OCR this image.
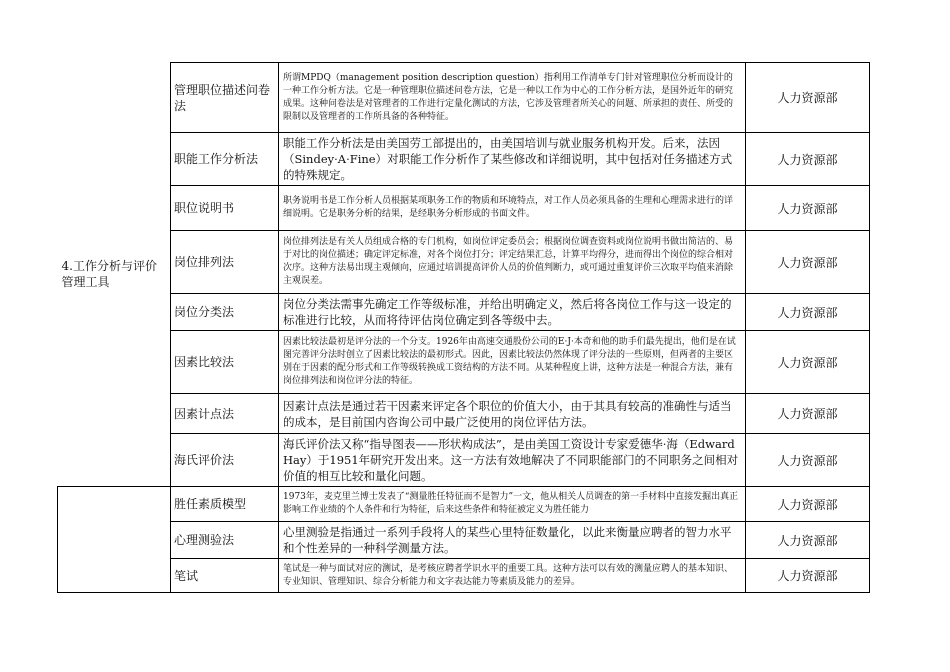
4.工作分析与评价管理工具	管理职位描述问卷法	所谓MPDQ（management position description question）指利用工作清单专门针对管理职位分析而设计的一种工作分析方法。它是一种管理职位描述问卷方法，它是一种以工作为中心的工作分析方法，是国外近年的研究成果。这种问卷法是对管理者的工作进行定量化测试的方法，它涉及管理者所关心的问题、所承担的责任、所受的限制以及管理者的工作所具备的各种特征。	人力资源部
	职能工作分析法	职能工作分析法是由美国劳工部提出的，由美国培训与就业服务机构开发。后来，法因（Sindey·A·Fine）对职能工作分析作了某些修改和详细说明，其中包括对任务描述方式的特殊规定。	人力资源部
	职位说明书	职务说明书是工作分析人员根据某项职务工作的物质和环境特点，对工作人员必须具备的生理和心理需求进行的详细说明。它是职务分析的结果，是经职务分析形成的书面文件。	人力资源部
	岗位排列法	岗位排列法是有关人员组成合格的专门机构，如岗位评定委员会；根据岗位调查资料或岗位说明书做出简洁的、易于对比的岗位描述；确定评定标准，对各个岗位打分；评定结果汇总，计算平均得分，进而得出个岗位的综合相对次序。这种方法易出现主观倾向，应通过培训提高评价人员的价值判断力，或可通过重复评价三次取平均值来消除主观误差。	人力资源部
	岗位分类法	岗位分类法需事先确定工作等级标准，并给出明确定义，然后将各岗位工作与这一设定的标准进行比较，从而将待评估岗位确定到各等级中去。	人力资源部
	因素比较法	因素比较法最初是评分法的一个分支。1926年由高速交通股份公司的E·J·本奇和他的助手们最先提出，他们是在试图完善评分法时创立了因素比较法的最初形式。因此，因素比较法仍然体现了评分法的一些原则，但两者的主要区别在于因素的配分形式和工作等级转换成工资结构的方法不同。从某种程度上讲，这种方法是一种混合方法，兼有岗位排列法和岗位评分法的特征。	人力资源部
	因素计点法	因素计点法是通过若干因素来评定各个职位的价值大小，由于其具有较高的准确性与适当的成本，是目前国内咨询公司中最广泛使用的岗位评估方法。	人力资源部
	海氏评价法	海氏评价法又称“指导图表——形状构成法”，是由美国工资设计专家爱德华·海（Edward Hay）于1951年研究开发出来。这一方法有效地解决了不同职能部门的不同职务之间相对价值的相互比较和量化问题。	人力资源部
	胜任素质模型	1973年，麦克里兰博士发表了“测量胜任特征而不是智力”一文，他从相关人员调查的第一手材料中直接发掘出真正影响工作业绩的个人条件和行为特征，后来这些条件和特征被定义为胜任能力	人力资源部
	心理测验法	心里测验是指通过一系列手段将人的某些心里特征数量化，以此来衡量应聘者的智力水平和个性差异的一种科学测量方法。	人力资源部
	笔试	笔试是一种与面试对应的测试，是考核应聘者学识水平的重要工具。这种方法可以有效的测量应聘人的基本知识、专业知识、管理知识、综合分析能力和文字表达能力等素质及能力的差异。	人力资源部
